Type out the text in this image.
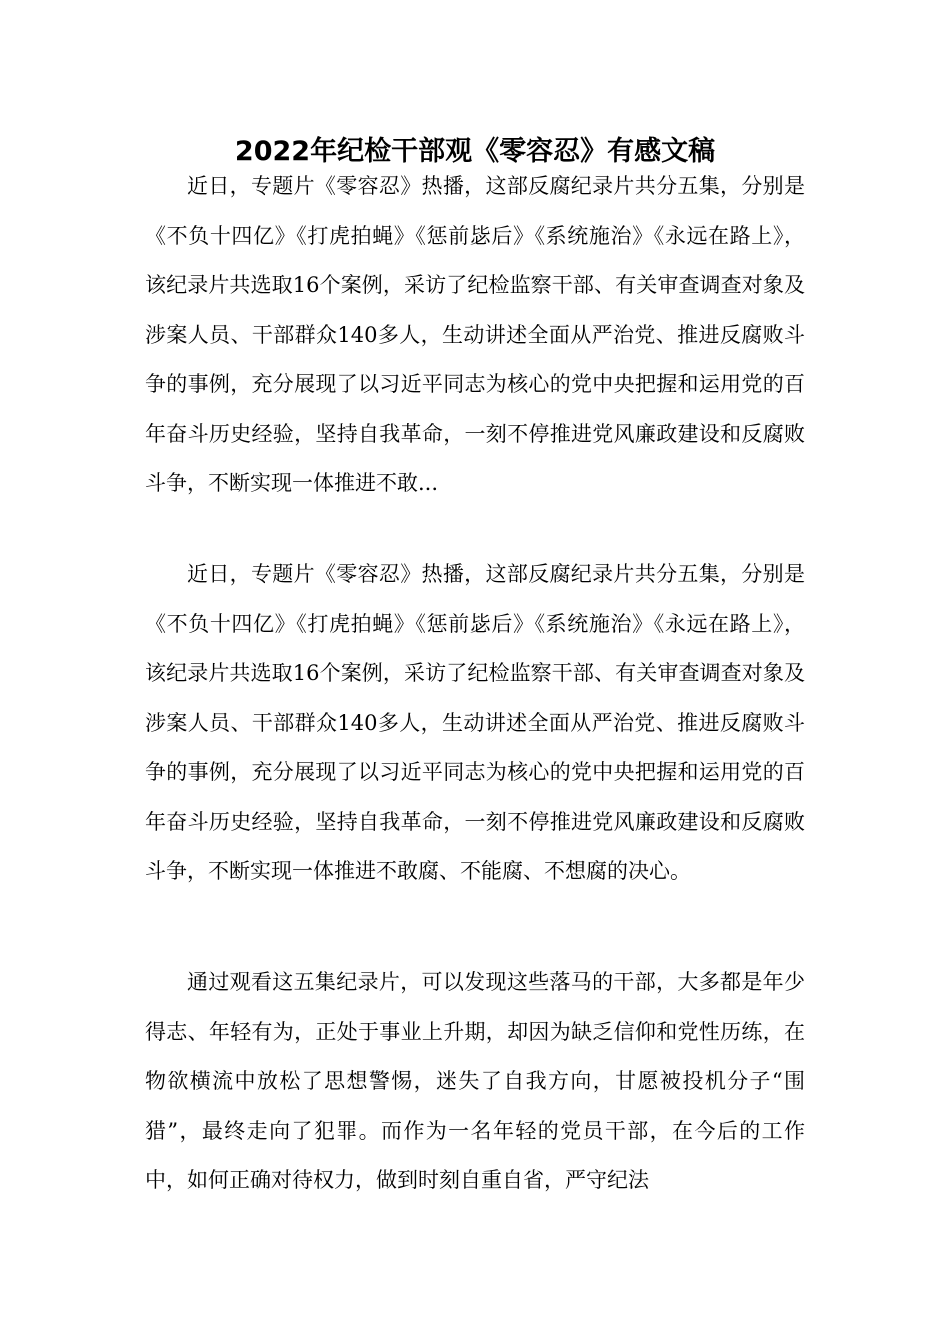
2022年纪检干部观《零容忍》有感文稿

近日，专题片《零容忍》热播，这部反腐纪录片共分五集，分别是《不负十四亿》《打虎拍蝇》《惩前毖后》《系统施治》《永远在路上》，该纪录片共选取16个案例，采访了纪检监察干部、有关审查调查对象及涉案人员、干部群众140多人，生动讲述全面从严治党、推进反腐败斗争的事例，充分展现了以习近平同志为核心的党中央把握和运用党的百年奋斗历史经验，坚持自我革命，一刻不停推进党风廉政建设和反腐败斗争，不断实现一体推进不敢...

近日，专题片《零容忍》热播，这部反腐纪录片共分五集，分别是《不负十四亿》《打虎拍蝇》《惩前毖后》《系统施治》《永远在路上》，该纪录片共选取16个案例，采访了纪检监察干部、有关审查调查对象及涉案人员、干部群众140多人，生动讲述全面从严治党、推进反腐败斗争的事例，充分展现了以习近平同志为核心的党中央把握和运用党的百年奋斗历史经验，坚持自我革命，一刻不停推进党风廉政建设和反腐败斗争，不断实现一体推进不敢腐、不能腐、不想腐的决心。

通过观看这五集纪录片，可以发现这些落马的干部，大多都是年少得志、年轻有为，正处于事业上升期，却因为缺乏信仰和党性历练，在物欲横流中放松了思想警惕，迷失了自我方向，甘愿被投机分子“围猎”，最终走向了犯罪。而作为一名年轻的党员干部，在今后的工作中，如何正确对待权力，做到时刻自重自省，严守纪法
